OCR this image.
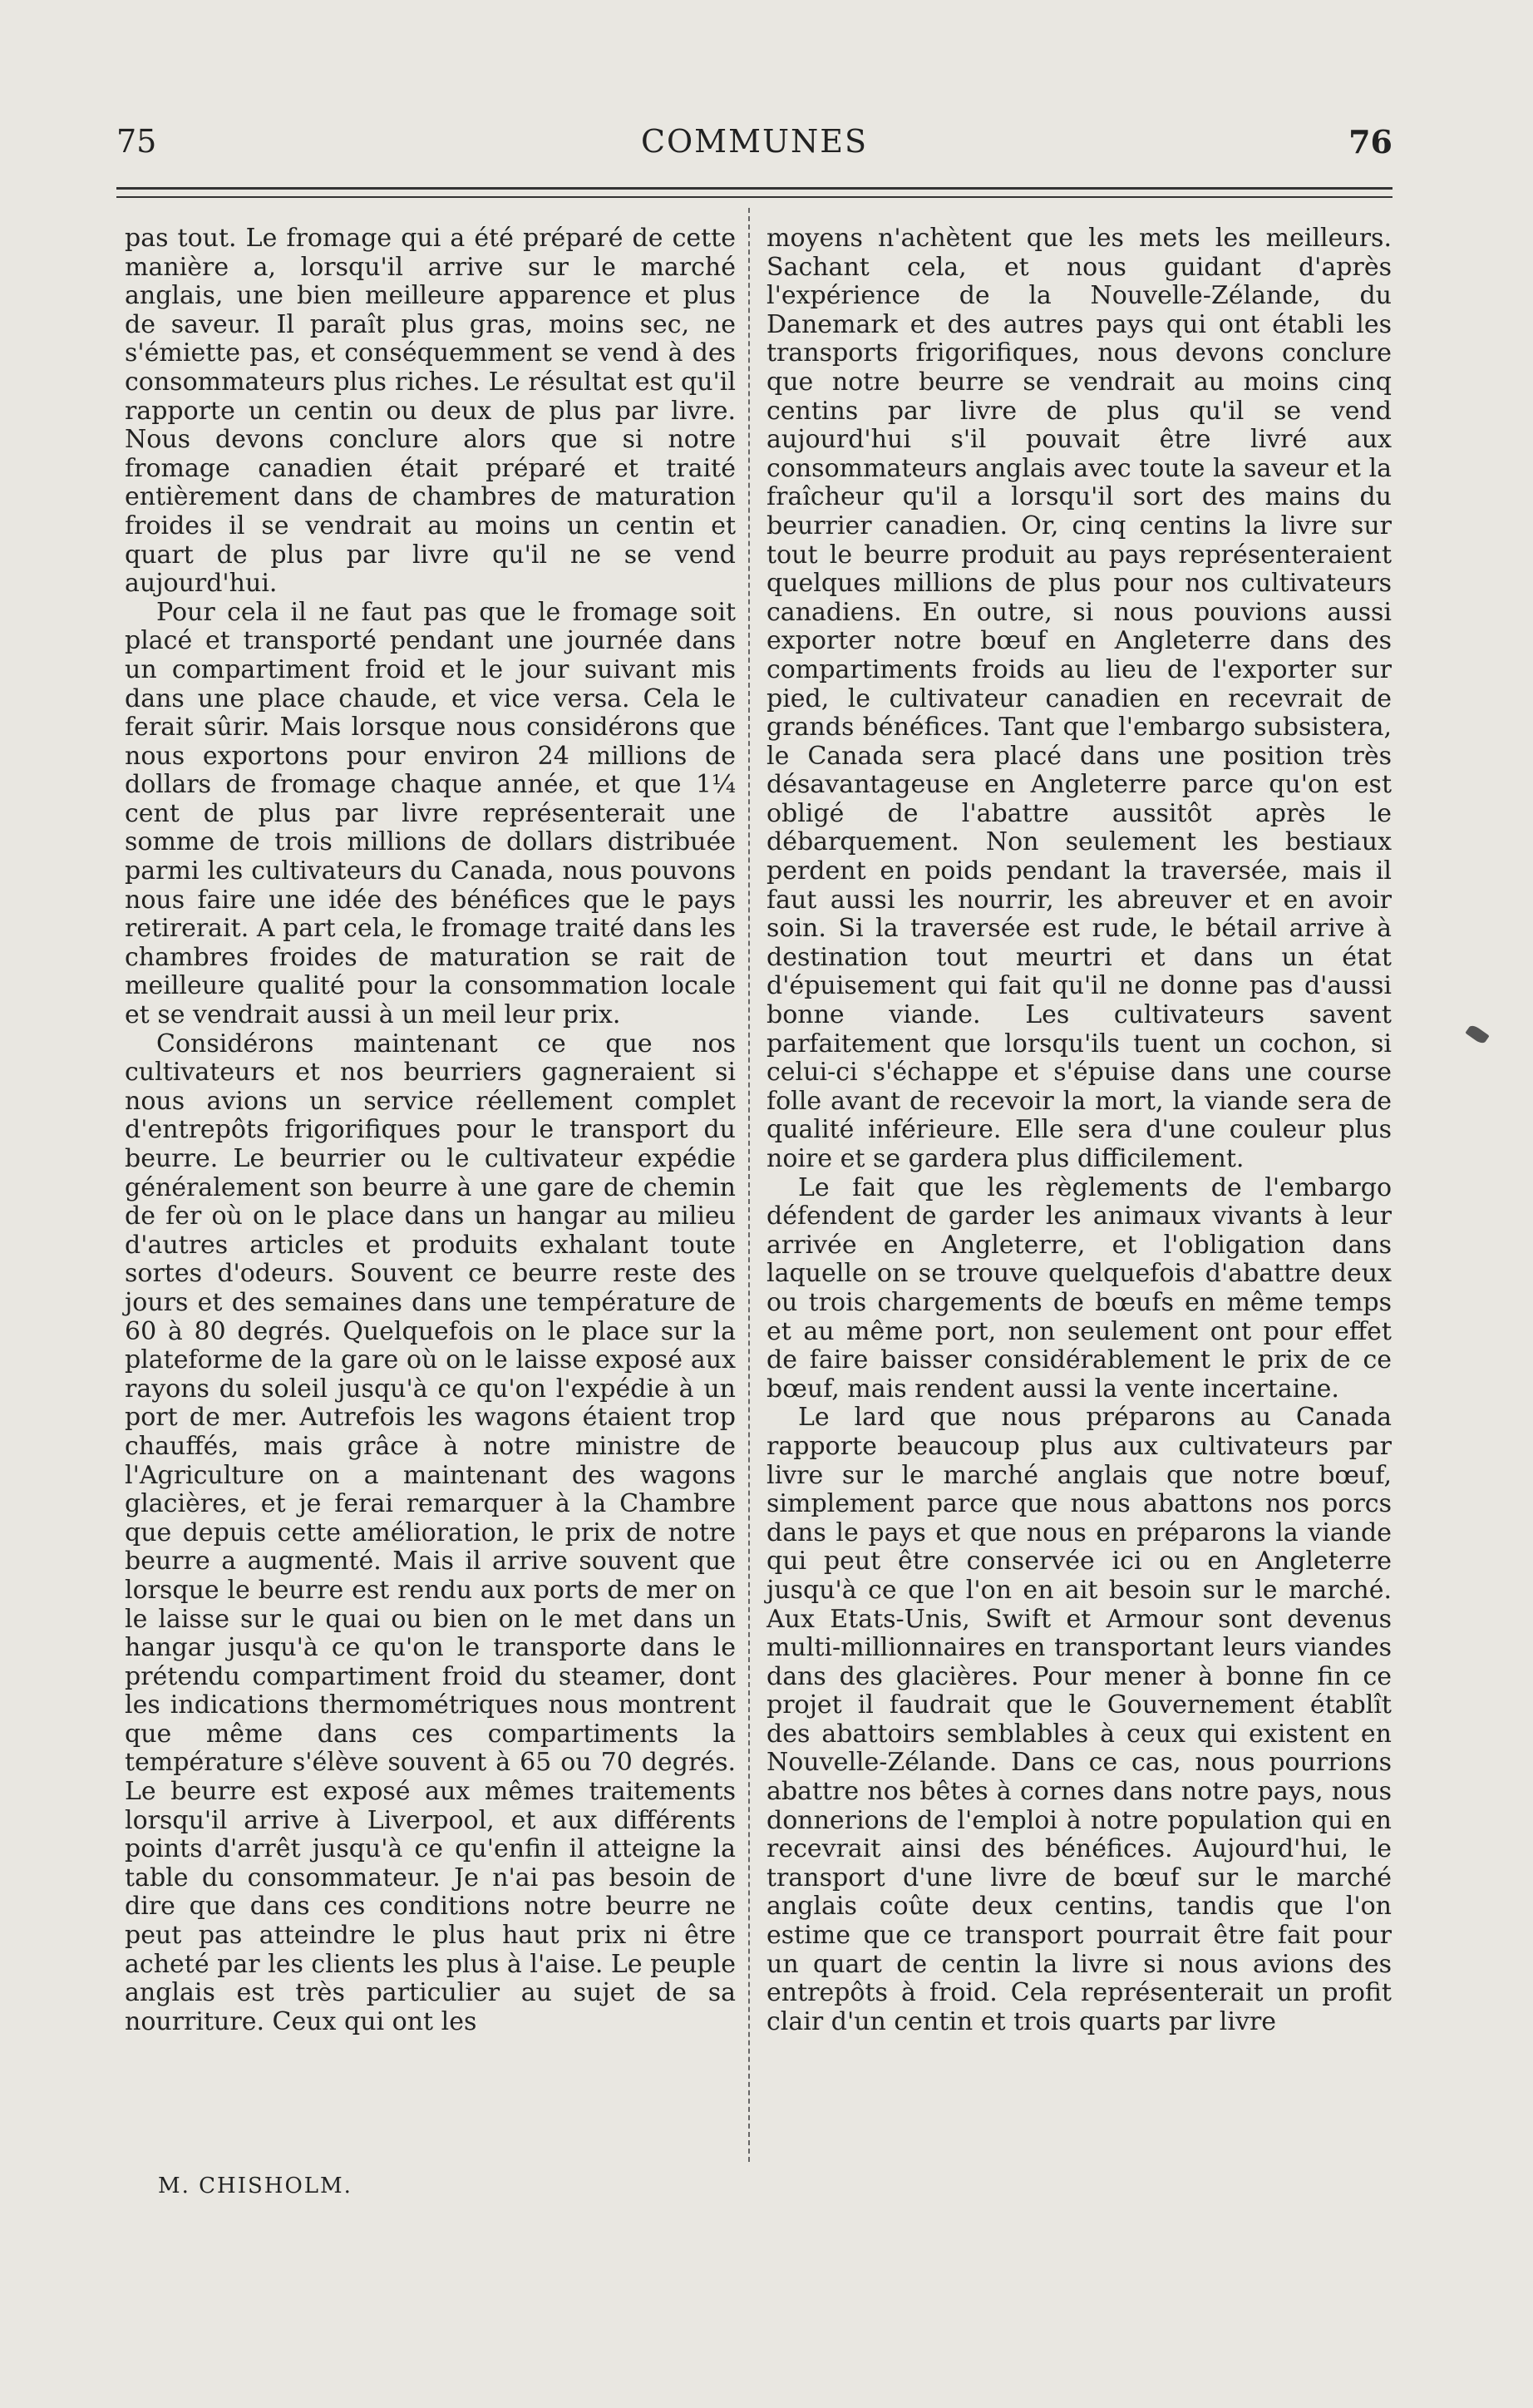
75	COMMUNES	76

pas tout. Le fromage qui a été préparé de cette manière a, lorsqu'il arrive sur le marché anglais, une bien meilleure apparence et plus de saveur. Il paraît plus gras, moins sec, ne s'émiette pas, et conséquemment se vend à des consommateurs plus riches. Le résultat est qu'il rapporte un centin ou deux de plus par livre. Nous devons conclure alors que si notre fromage canadien était préparé et traité entièrement dans de chambres de maturation froides il se vendrait au moins un centin et quart de plus par livre qu'il ne se vend aujourd'hui.

Pour cela il ne faut pas que le fromage soit placé et transporté pendant une journée dans un compartiment froid et le jour suivant mis dans une place chaude, et vice versa. Cela le ferait sûrir. Mais lorsque nous considérons que nous exportons pour environ 24 millions de dollars de fromage chaque année, et que 1¼ cent de plus par livre représenterait une somme de trois millions de dollars distribuée parmi les cultivateurs du Canada, nous pouvons nous faire une idée des bénéfices que le pays retirerait. A part cela, le fromage traité dans les chambres froides de maturation se rait de meilleure qualité pour la consommation locale et se vendrait aussi à un meil leur prix.

Considérons maintenant ce que nos cultivateurs et nos beurriers gagneraient si nous avions un service réellement complet d'entrepôts frigorifiques pour le transport du beurre. Le beurrier ou le cultivateur expédie généralement son beurre à une gare de chemin de fer où on le place dans un hangar au milieu d'autres articles et produits exhalant toute sortes d'odeurs. Souvent ce beurre reste des jours et des semaines dans une température de 60 à 80 degrés. Quelquefois on le place sur la plateforme de la gare où on le laisse exposé aux rayons du soleil jusqu'à ce qu'on l'expédie à un port de mer. Autrefois les wagons étaient trop chauffés, mais grâce à notre ministre de l'Agriculture on a maintenant des wagons glacières, et je ferai remarquer à la Chambre que depuis cette amélioration, le prix de notre beurre a augmenté. Mais il arrive souvent que lorsque le beurre est rendu aux ports de mer on le laisse sur le quai ou bien on le met dans un hangar jusqu'à ce qu'on le transporte dans le prétendu compartiment froid du steamer, dont les indications thermométriques nous montrent que même dans ces compartiments la température s'élève souvent à 65 ou 70 degrés. Le beurre est exposé aux mêmes traitements lorsqu'il arrive à Liverpool, et aux différents points d'arrêt jusqu'à ce qu'enfin il atteigne la table du consommateur. Je n'ai pas besoin de dire que dans ces conditions notre beurre ne peut pas atteindre le plus haut prix ni être acheté par les clients les plus à l'aise. Le peuple anglais est très particulier au sujet de sa nourriture. Ceux qui ont les

moyens n'achètent que les mets les meilleurs. Sachant cela, et nous guidant d'après l'expérience de la Nouvelle-Zélande, du Danemark et des autres pays qui ont établi les transports frigorifiques, nous devons conclure que notre beurre se vendrait au moins cinq centins par livre de plus qu'il se vend aujourd'hui s'il pouvait être livré aux consommateurs anglais avec toute la saveur et la fraîcheur qu'il a lorsqu'il sort des mains du beurrier canadien. Or, cinq centins la livre sur tout le beurre produit au pays représenteraient quelques millions de plus pour nos cultivateurs canadiens. En outre, si nous pouvions aussi exporter notre bœuf en Angleterre dans des compartiments froids au lieu de l'exporter sur pied, le cultivateur canadien en recevrait de grands bénéfices. Tant que l'embargo subsistera, le Canada sera placé dans une position très désavantageuse en Angleterre parce qu'on est obligé de l'abattre aussitôt après le débarquement. Non seulement les bestiaux perdent en poids pendant la traversée, mais il faut aussi les nourrir, les abreuver et en avoir soin. Si la traversée est rude, le bétail arrive à destination tout meurtri et dans un état d'épuisement qui fait qu'il ne donne pas d'aussi bonne viande. Les cultivateurs savent parfaitement que lorsqu'ils tuent un cochon, si celui-ci s'échappe et s'épuise dans une course folle avant de recevoir la mort, la viande sera de qualité inférieure. Elle sera d'une couleur plus noire et se gardera plus difficilement.

Le fait que les règlements de l'embargo défendent de garder les animaux vivants à leur arrivée en Angleterre, et l'obligation dans laquelle on se trouve quelquefois d'abattre deux ou trois chargements de bœufs en même temps et au même port, non seulement ont pour effet de faire baisser considérablement le prix de ce bœuf, mais rendent aussi la vente incertaine.

Le lard que nous préparons au Canada rapporte beaucoup plus aux cultivateurs par livre sur le marché anglais que notre bœuf, simplement parce que nous abattons nos porcs dans le pays et que nous en préparons la viande qui peut être conservée ici ou en Angleterre jusqu'à ce que l'on en ait besoin sur le marché. Aux Etats-Unis, Swift et Armour sont devenus multi-millionnaires en transportant leurs viandes dans des glacières. Pour mener à bonne fin ce projet il faudrait que le Gouvernement établît des abattoirs semblables à ceux qui existent en Nouvelle-Zélande. Dans ce cas, nous pourrions abattre nos bêtes à cornes dans notre pays, nous donnerions de l'emploi à notre population qui en recevrait ainsi des bénéfices. Aujourd'hui, le transport d'une livre de bœuf sur le marché anglais coûte deux centins, tandis que l'on estime que ce transport pourrait être fait pour un quart de centin la livre si nous avions des entrepôts à froid. Cela représenterait un profit clair d'un centin et trois quarts par livre

M. CHISHOLM.
